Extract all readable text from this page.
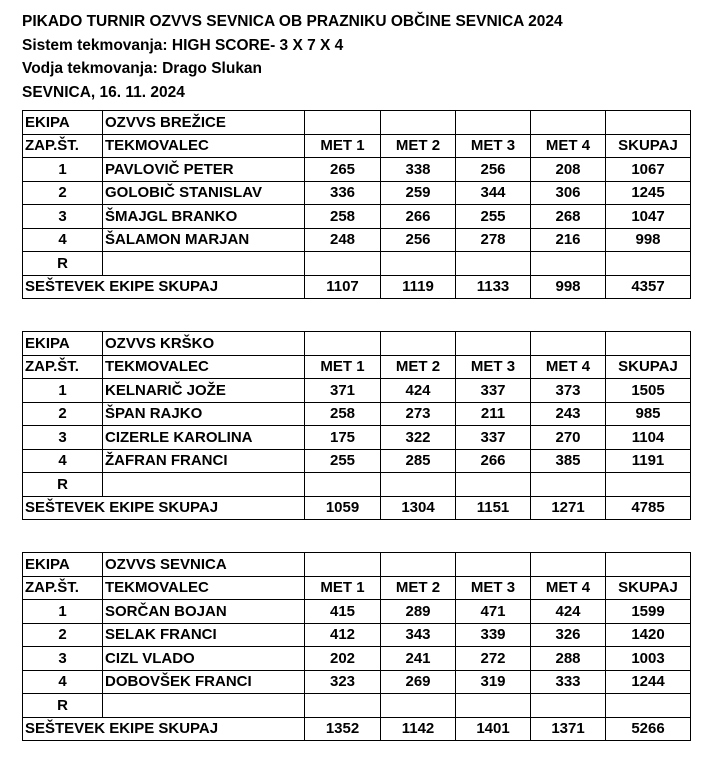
PIKADO TURNIR OZVVS SEVNICA OB PRAZNIKU OBČINE SEVNICA 2024
Sistem tekmovanja: HIGH SCORE- 3 X 7 X 4
Vodja tekmovanja: Drago Slukan
SEVNICA, 16. 11. 2024
EKIPA	OZVVS BREŽICE					
ZAP.ŠT.	TEKMOVALEC	MET 1	MET 2	MET 3	MET 4	SKUPAJ
1	PAVLOVIČ PETER	265	338	256	208	1067
2	GOLOBIČ STANISLAV	336	259	344	306	1245
3	ŠMAJGL BRANKO	258	266	255	268	1047
4	ŠALAMON MARJAN	248	256	278	216	998
R						
SEŠTEVEK EKIPE SKUPAJ		1107	1119	1133	998	4357
EKIPA	OZVVS KRŠKO					
ZAP.ŠT.	TEKMOVALEC	MET 1	MET 2	MET 3	MET 4	SKUPAJ
1	KELNARIČ JOŽE	371	424	337	373	1505
2	ŠPAN RAJKO	258	273	211	243	985
3	CIZERLE KAROLINA	175	322	337	270	1104
4	ŽAFRAN FRANCI	255	285	266	385	1191
R						
SEŠTEVEK EKIPE SKUPAJ		1059	1304	1151	1271	4785
EKIPA	OZVVS SEVNICA					
ZAP.ŠT.	TEKMOVALEC	MET 1	MET 2	MET 3	MET 4	SKUPAJ
1	SORČAN BOJAN	415	289	471	424	1599
2	SELAK FRANCI	412	343	339	326	1420
3	CIZL VLADO	202	241	272	288	1003
4	DOBOVŠEK FRANCI	323	269	319	333	1244
R						
SEŠTEVEK EKIPE SKUPAJ		1352	1142	1401	1371	5266
